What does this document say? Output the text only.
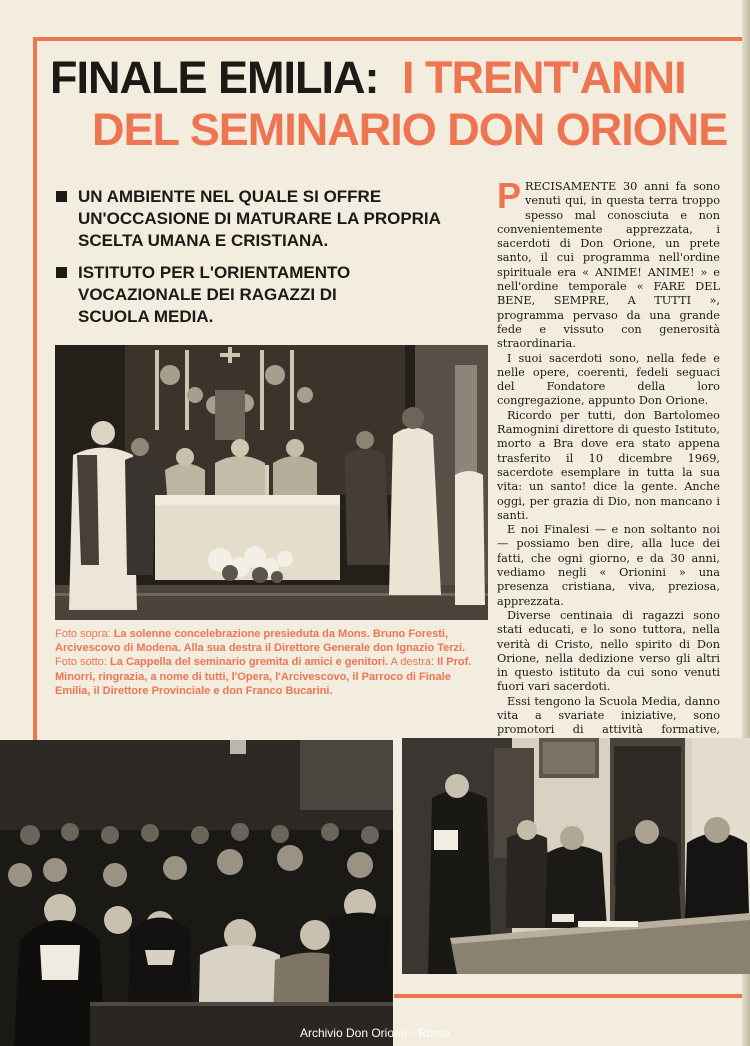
FINALE EMILIA: I TRENT'ANNI
DEL SEMINARIO DON ORIONE
UN AMBIENTE NEL QUALE SI OFFRE UN'OCCASIONE DI MATURARE LA PROPRIA SCELTA UMANA E CRISTIANA.
ISTITUTO PER L'ORIENTAMENTO VOCAZIONALE DEI RAGAZZI DI SCUOLA MEDIA.
Foto sopra: La solenne concelebrazione presieduta da Mons. Bruno Foresti, Arcivescovo di Modena. Alla sua destra il Direttore Generale don Ignazio Terzi. Foto sotto: La Cappella del seminario gremita di amici e genitori. A destra: Il Prof. Minorri, ringrazia, a nome di tutti, l'Opera, l'Arcivescovo, il Parroco di Finale Emilia, il Direttore Provinciale e don Franco Bucarini.

PRECISAMENTE 30 anni fa sono venuti qui, in questa terra troppo spesso mal conosciuta e non convenientemente apprezzata, i sacerdoti di Don Orione, un prete santo, il cui programma nell'ordine spirituale era « ANIME! ANIME! » e nell'ordine temporale « FARE DEL BENE, SEMPRE, A TUTTI », programma pervaso da una grande fede e vissuto con generosità straordinaria.

I suoi sacerdoti sono, nella fede e nelle opere, coerenti, fedeli seguaci del Fondatore della loro congregazione, appunto Don Orione.

Ricordo per tutti, don Bartolomeo Ramognini direttore di questo Istituto, morto a Bra dove era stato appena trasferito il 10 dicembre 1969, sacerdote esemplare in tutta la sua vita: un santo! dice la gente. Anche oggi, per grazia di Dio, non mancano i santi.

E noi Finalesi — e non soltanto noi — possiamo ben dire, alla luce dei fatti, che ogni giorno, e da 30 anni, vediamo negli « Orionini » una presenza cristiana, viva, preziosa, apprezzata.

Diverse centinaia di ragazzi sono stati educati, e lo sono tuttora, nella verità di Cristo, nello spirito di Don Orione, nella dedizione verso gli altri in questo istituto da cui sono venuti fuori vari sacerdoti.

Essi tengono la Scuola Media, danno vita a svariate iniziative, sono promotori di attività formative,

Archivio Don Orione - Roma
